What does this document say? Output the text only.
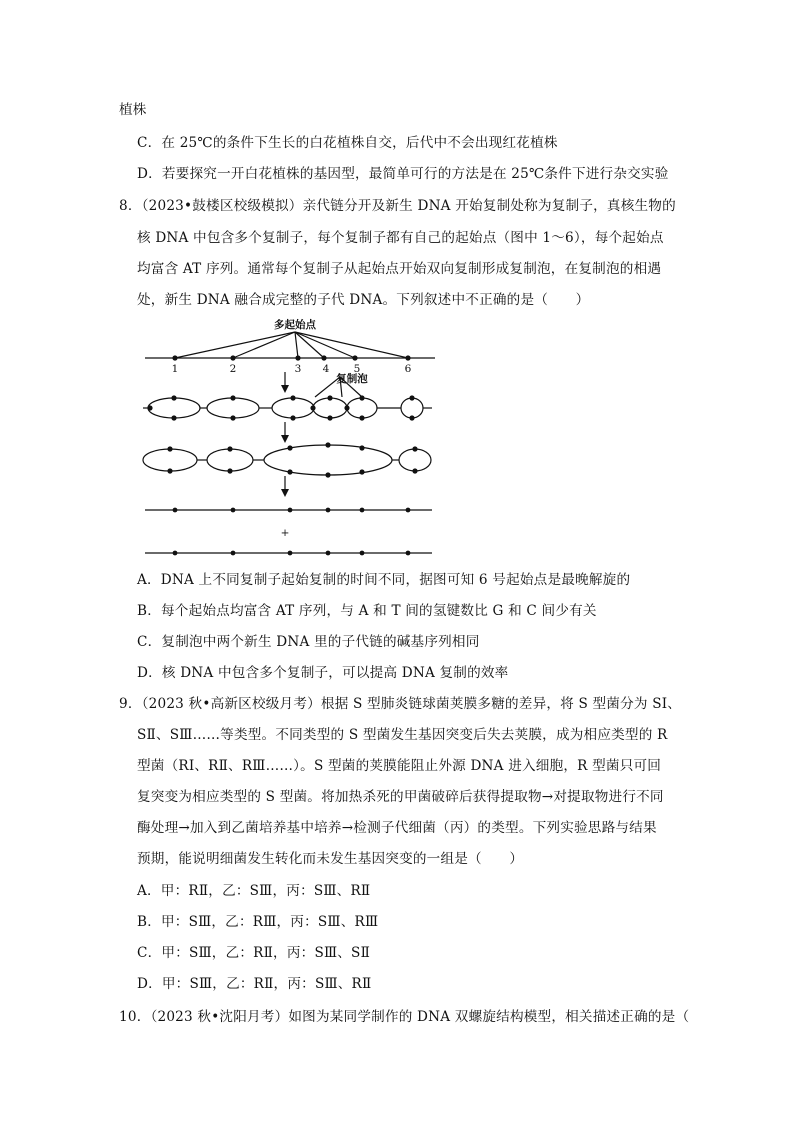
植株
C．在 25℃的条件下生长的白花植株自交，后代中不会出现红花植株
D．若要探究一开白花植株的基因型，最简单可行的方法是在 25℃条件下进行杂交实验
8．（2023•鼓楼区校级模拟）亲代链分开及新生 DNA 开始复制处称为复制子，真核生物的
核 DNA 中包含多个复制子，每个复制子都有自己的起始点（图中 1～6），每个起始点
均富含 AT 序列。通常每个复制子从起始点开始双向复制形成复制泡，在复制泡的相遇
处，新生 DNA 融合成完整的子代 DNA。下列叙述中不正确的是（　　）
多起始点
复制泡
1	2	3 4 5	6
+
A．DNA 上不同复制子起始复制的时间不同，据图可知 6 号起始点是最晚解旋的
B．每个起始点均富含 AT 序列，与 A 和 T 间的氢键数比 G 和 C 间少有关
C．复制泡中两个新生 DNA 里的子代链的碱基序列相同
D．核 DNA 中包含多个复制子，可以提高 DNA 复制的效率
9．（2023 秋•高新区校级月考）根据 S 型肺炎链球菌荚膜多糖的差异，将 S 型菌分为 SⅠ、
SⅡ、SⅢ……等类型。不同类型的 S 型菌发生基因突变后失去荚膜，成为相应类型的 R
型菌（RⅠ、RⅡ、RⅢ……）。S 型菌的荚膜能阻止外源 DNA 进入细胞，R 型菌只可回
复突变为相应类型的 S 型菌。将加热杀死的甲菌破碎后获得提取物→对提取物进行不同
酶处理→加入到乙菌培养基中培养→检测子代细菌（丙）的类型。下列实验思路与结果
预期，能说明细菌发生转化而未发生基因突变的一组是（　　）
A．甲：RⅡ，乙：SⅢ，丙：SⅢ、RⅡ
B．甲：SⅢ，乙：RⅢ，丙：SⅢ、RⅢ
C．甲：SⅢ，乙：RⅡ，丙：SⅢ、SⅡ
D．甲：SⅢ，乙：RⅡ，丙：SⅢ、RⅡ
10．（2023 秋•沈阳月考）如图为某同学制作的 DNA 双螺旋结构模型，相关描述正确的是（
